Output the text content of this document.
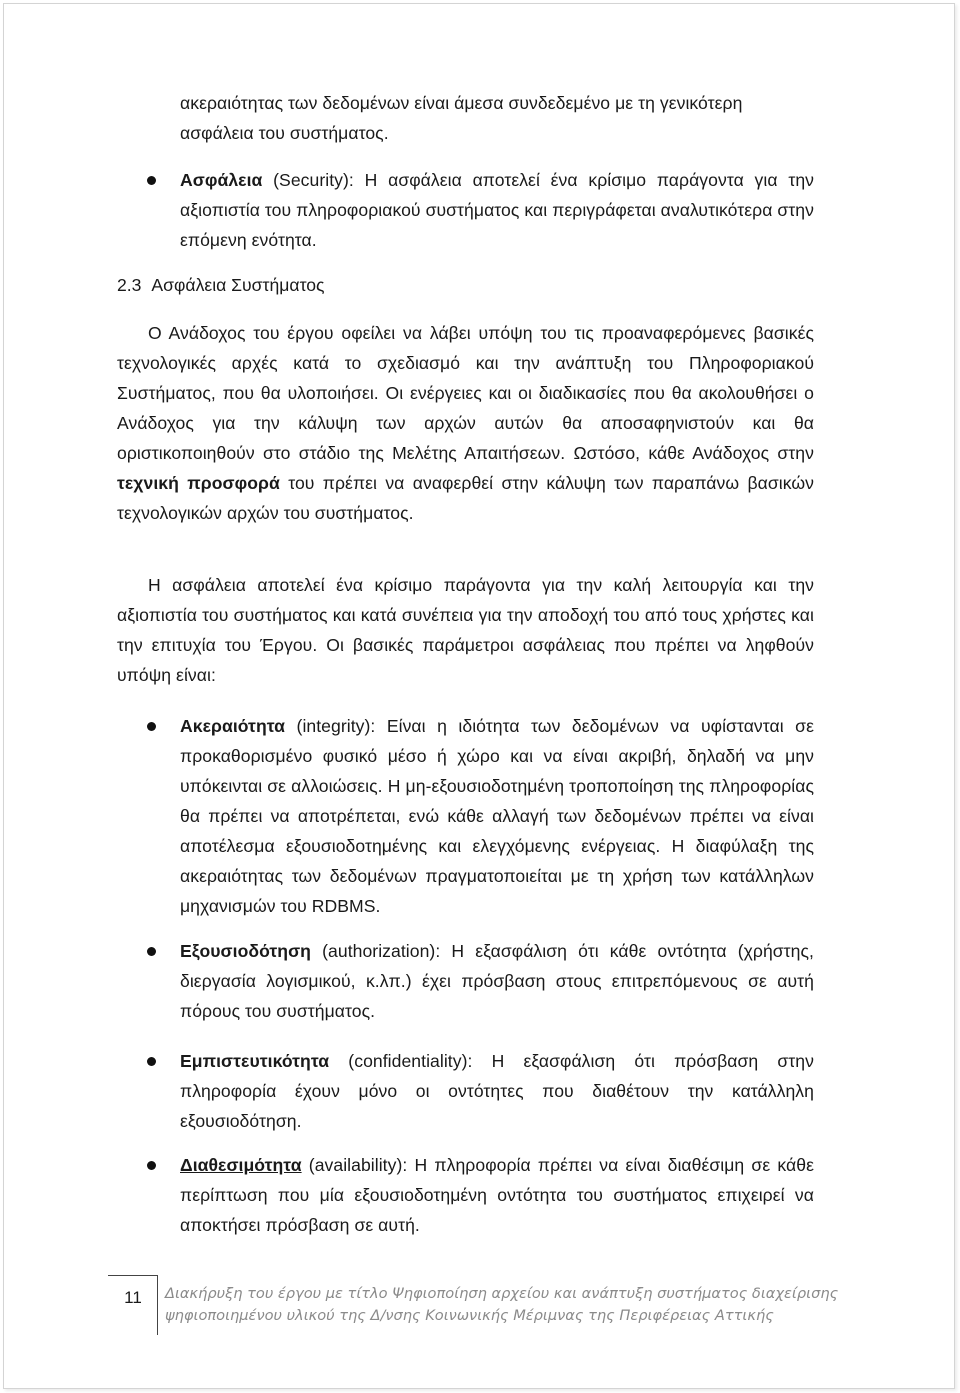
ακεραιότητας των δεδομένων είναι άμεσα συνδεδεμένο με τη γενικότερη
ασφάλεια του συστήματος.
Ασφάλεια (Security): Η ασφάλεια αποτελεί ένα κρίσιμο παράγοντα για την αξιοπιστία του πληροφοριακού συστήματος και περιγράφεται αναλυτικότερα στην επόμενη ενότητα.
2.3 Ασφάλεια Συστήματος
Ο Ανάδοχος του έργου οφείλει να λάβει υπόψη του τις προαναφερόμενες βασικές τεχνολογικές αρχές κατά το σχεδιασμό και την ανάπτυξη του Πληροφοριακού Συστήματος, που θα υλοποιήσει. Οι ενέργειες και οι διαδικασίες που θα ακολουθήσει ο Ανάδοχος για την κάλυψη των αρχών αυτών θα αποσαφηνιστούν και θα οριστικοποιηθούν στο στάδιο της Μελέτης Απαιτήσεων. Ωστόσο, κάθε Ανάδοχος στην τεχνική προσφορά του πρέπει να αναφερθεί στην κάλυψη των παραπάνω βασικών τεχνολογικών αρχών του συστήματος.
Η ασφάλεια αποτελεί ένα κρίσιμο παράγοντα για την καλή λειτουργία και την αξιοπιστία του συστήματος και κατά συνέπεια για την αποδοχή του από τους χρήστες και την επιτυχία του Έργου. Οι βασικές παράμετροι ασφάλειας που πρέπει να ληφθούν υπόψη είναι:
Ακεραιότητα (integrity): Είναι η ιδιότητα των δεδομένων να υφίστανται σε προκαθορισμένο φυσικό μέσο ή χώρο και να είναι ακριβή, δηλαδή να μην υπόκεινται σε αλλοιώσεις. Η μη-εξουσιοδοτημένη τροποποίηση της πληροφορίας θα πρέπει να αποτρέπεται, ενώ κάθε αλλαγή των δεδομένων πρέπει να είναι αποτέλεσμα εξουσιοδοτημένης και ελεγχόμενης ενέργειας. Η διαφύλαξη της ακεραιότητας των δεδομένων πραγματοποιείται με τη χρήση των κατάλληλων μηχανισμών του RDBMS.
Εξουσιοδότηση (authorization): Η εξασφάλιση ότι κάθε οντότητα (χρήστης, διεργασία λογισμικού, κ.λπ.) έχει πρόσβαση στους επιτρεπόμενους σε αυτή πόρους του συστήματος.
Εμπιστευτικότητα (confidentiality): Η εξασφάλιση ότι πρόσβαση στην πληροφορία έχουν μόνο οι οντότητες που διαθέτουν την κατάλληλη εξουσιοδότηση.
Διαθεσιμότητα (availability): Η πληροφορία πρέπει να είναι διαθέσιμη σε κάθε περίπτωση που μία εξουσιοδοτημένη οντότητα του συστήματος επιχειρεί να αποκτήσει πρόσβαση σε αυτή.
11	Διακήρυξη του έργου με τίτλο Ψηφιοποίηση αρχείου και ανάπτυξη συστήματος διαχείρισης
ψηφιοποιημένου υλικού της Δ/νσης Κοινωνικής Μέριμνας της Περιφέρειας Αττικής
